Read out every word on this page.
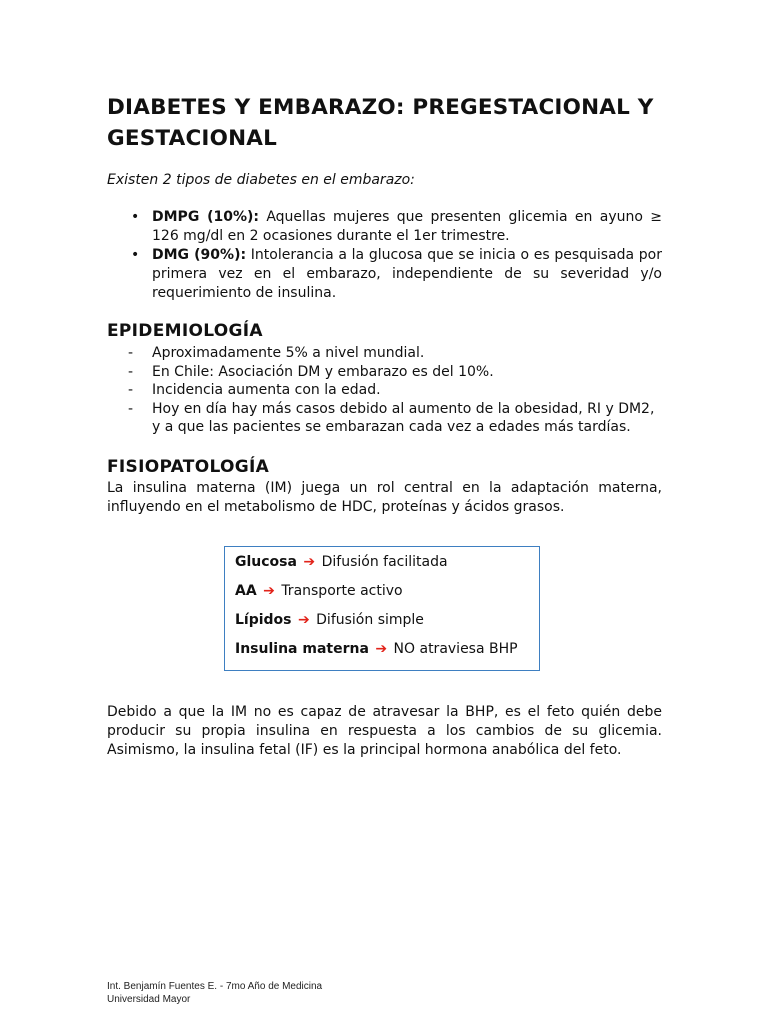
DIABETES Y EMBARAZO: PREGESTACIONAL Y GESTACIONAL

Existen 2 tipos de diabetes en el embarazo:

• DMPG (10%): Aquellas mujeres que presenten glicemia en ayuno ≥ 126 mg/dl en 2 ocasiones durante el 1er trimestre.
• DMG (90%): Intolerancia a la glucosa que se inicia o es pesquisada por primera vez en el embarazo, independiente de su severidad y/o requerimiento de insulina.
EPIDEMIOLOGÍA
- Aproximadamente 5% a nivel mundial.
- En Chile: Asociación DM y embarazo es del 10%.
- Incidencia aumenta con la edad.
- Hoy en día hay más casos debido al aumento de la obesidad, RI y DM2, y a que las pacientes se embarazan cada vez a edades más tardías.
FISIOPATOLOGÍA

La insulina materna (IM) juega un rol central en la adaptación materna, influyendo en el metabolismo de HDC, proteínas y ácidos grasos.

Glucosa ➔ Difusión facilitada
AA ➔ Transporte activo
Lípidos ➔ Difusión simple
Insulina materna ➔ NO atraviesa BHP

Debido a que la IM no es capaz de atravesar la BHP, es el feto quién debe producir su propia insulina en respuesta a los cambios de su glicemia. Asimismo, la insulina fetal (IF) es la principal hormona anabólica del feto.

Int. Benjamín Fuentes E. - 7mo Año de Medicina
Universidad Mayor
